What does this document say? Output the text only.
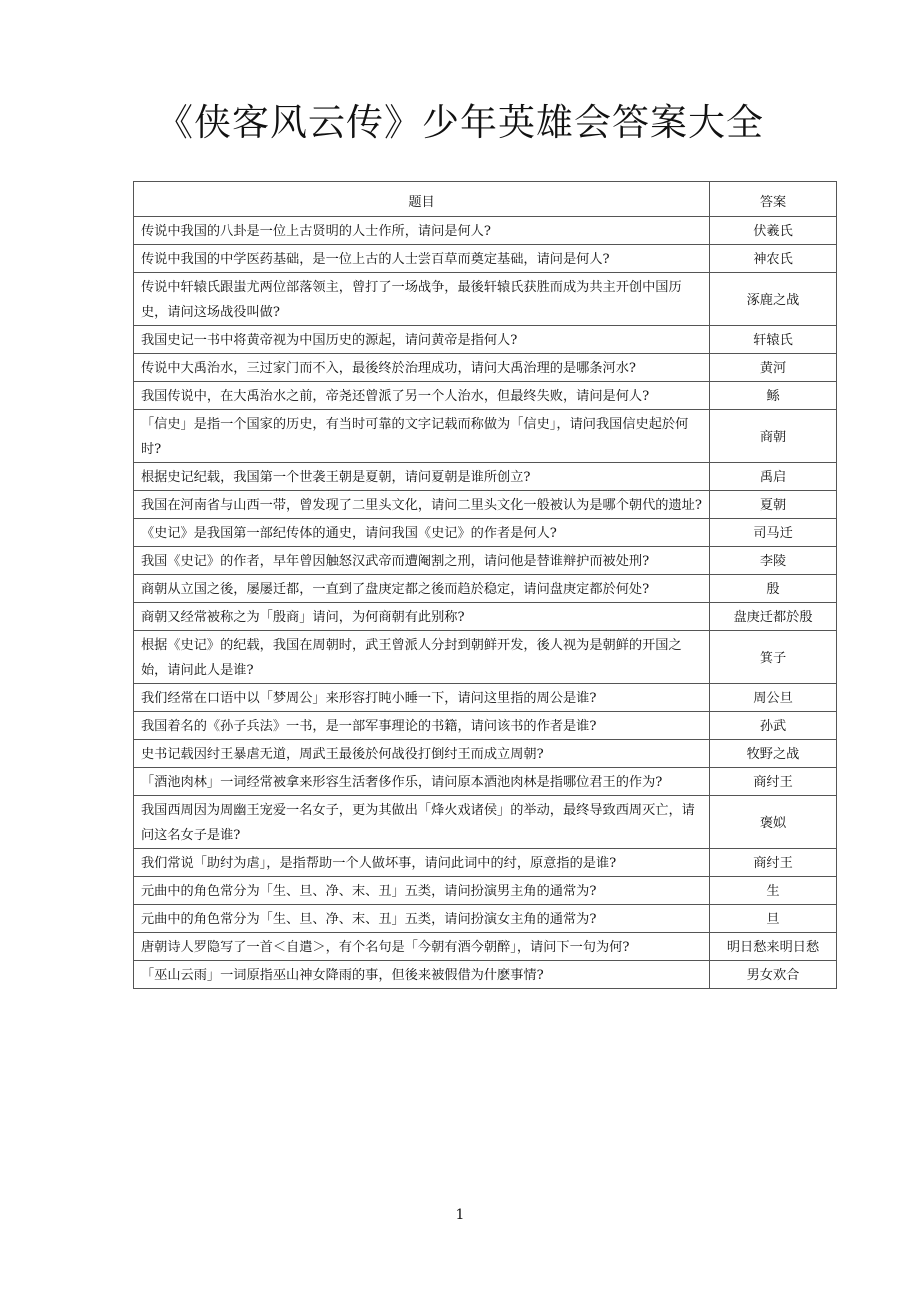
《侠客风云传》少年英雄会答案大全
题目	答案
传说中我国的八卦是一位上古贤明的人士作所，请问是何人?	伏羲氏
传说中我国的中学医药基础，是一位上古的人士尝百草而奠定基础，请问是何人?	神农氏
传说中轩辕氏跟蚩尤两位部落领主，曾打了一场战争，最後轩辕氏获胜而成为共主开创中国历史，请问这场战役叫做?	涿鹿之战
我国史记一书中将黄帝视为中国历史的源起，请问黄帝是指何人?	轩辕氏
传说中大禹治水，三过家门而不入，最後终於治理成功，请问大禹治理的是哪条河水?	黄河
我国传说中，在大禹治水之前，帝尧还曾派了另一个人治水，但最终失败，请问是何人?	鲧
「信史」是指一个国家的历史，有当时可靠的文字记载而称做为「信史」，请问我国信史起於何时?	商朝
根据史记纪载，我国第一个世袭王朝是夏朝，请问夏朝是谁所创立?	禹启
我国在河南省与山西一带，曾发现了二里头文化，请问二里头文化一般被认为是哪个朝代的遗址?	夏朝
《史记》是我国第一部纪传体的通史，请问我国《史记》的作者是何人?	司马迁
我国《史记》的作者，早年曾因触怒汉武帝而遭阉割之刑，请问他是替谁辩护而被处刑?	李陵
商朝从立国之後，屡屡迁都，一直到了盘庚定都之後而趋於稳定，请问盘庚定都於何处?	殷
商朝又经常被称之为「殷商」请问，为何商朝有此别称?	盘庚迁都於殷
根据《史记》的纪载，我国在周朝时，武王曾派人分封到朝鲜开发，後人视为是朝鲜的开国之始，请问此人是谁?	箕子
我们经常在口语中以「梦周公」来形容打盹小睡一下，请问这里指的周公是谁?	周公旦
我国着名的《孙子兵法》一书，是一部军事理论的书籍，请问该书的作者是谁?	孙武
史书记载因纣王暴虐无道，周武王最後於何战役打倒纣王而成立周朝?	牧野之战
「酒池肉林」一词经常被拿来形容生活奢侈作乐，请问原本酒池肉林是指哪位君王的作为?	商纣王
我国西周因为周幽王宠爱一名女子，更为其做出「烽火戏诸侯」的举动，最终导致西周灭亡，请问这名女子是谁?	褒姒
我们常说「助纣为虐」，是指帮助一个人做坏事，请问此词中的纣，原意指的是谁?	商纣王
元曲中的角色常分为「生、旦、净、末、丑」五类，请问扮演男主角的通常为?	生
元曲中的角色常分为「生、旦、净、末、丑」五类，请问扮演女主角的通常为?	旦
唐朝诗人罗隐写了一首＜自遣＞，有个名句是「今朝有酒今朝醉」，请问下一句为何?	明日愁来明日愁
「巫山云雨」一词原指巫山神女降雨的事，但後来被假借为什麽事情?	男女欢合
1
